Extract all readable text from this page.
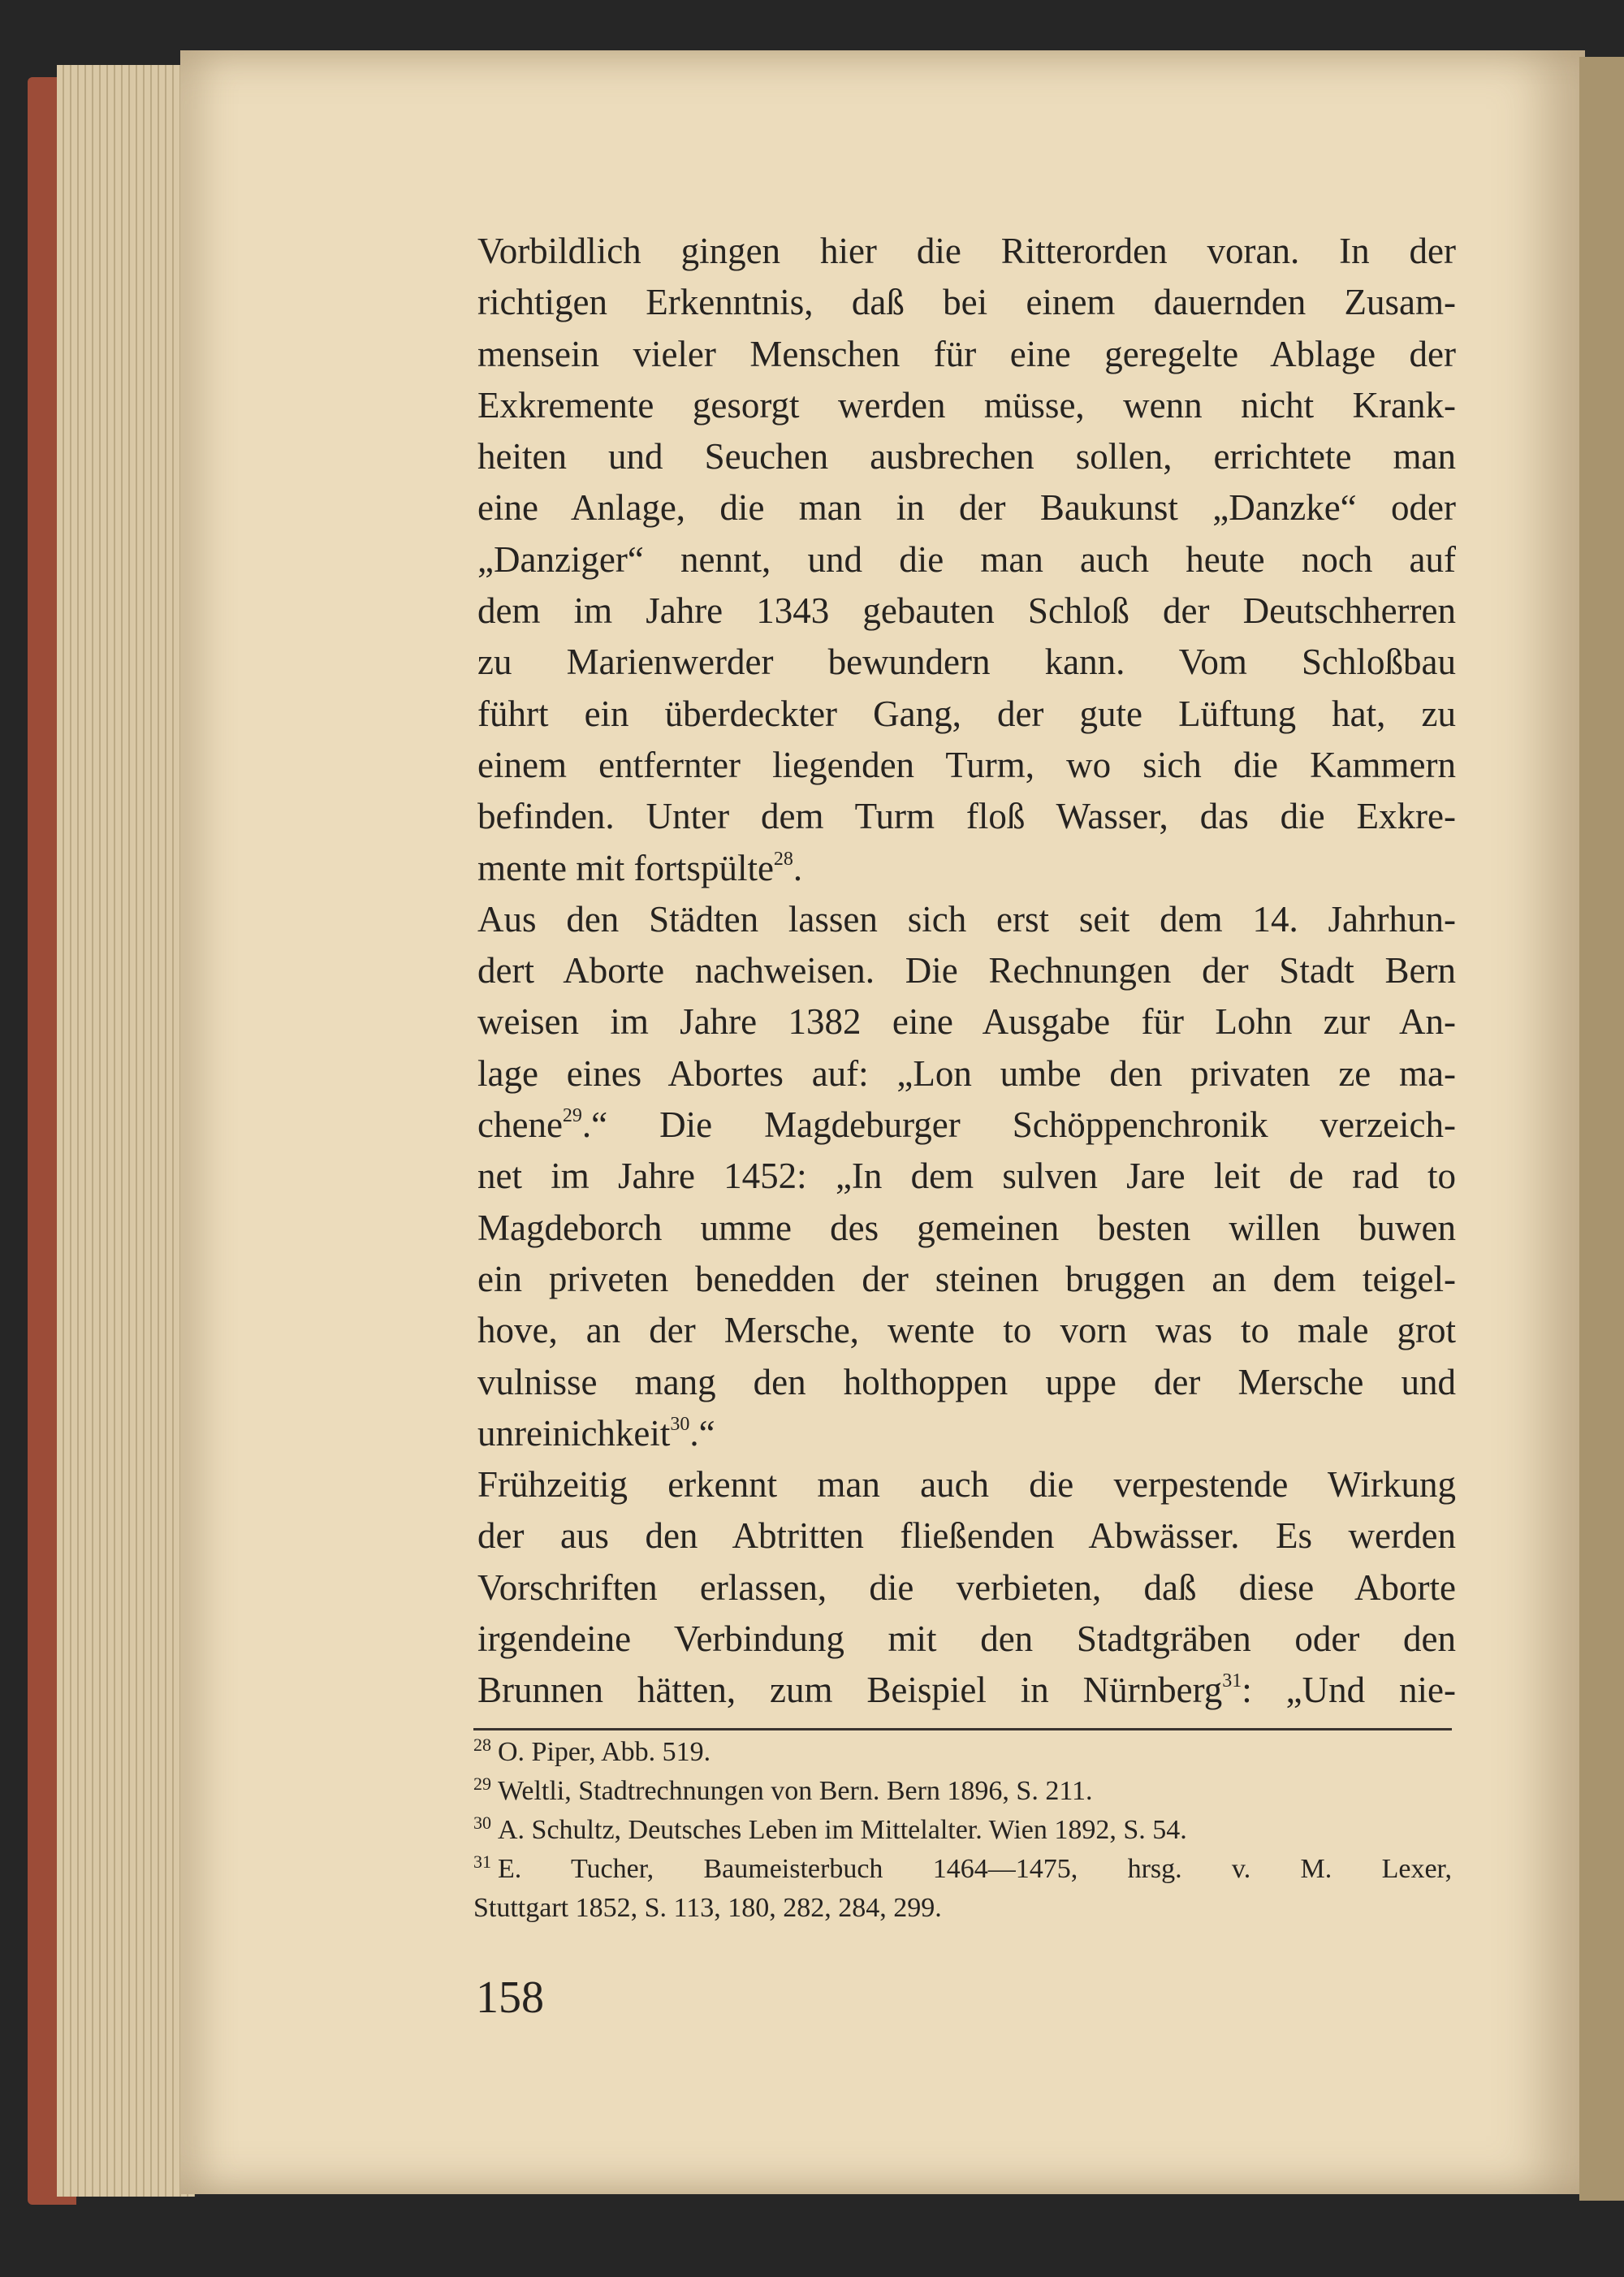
Vorbildlich gingen hier die Ritterorden voran. In der
richtigen Erkenntnis, daß bei einem dauernden Zusam-
mensein vieler Menschen für eine geregelte Ablage der
Exkremente gesorgt werden müsse, wenn nicht Krank-
heiten und Seuchen ausbrechen sollen, errichtete man
eine Anlage, die man in der Baukunst „Danzke“ oder
„Danziger“ nennt, und die man auch heute noch auf
dem im Jahre 1343 gebauten Schloß der Deutschherren
zu Marienwerder bewundern kann. Vom Schloßbau
führt ein überdeckter Gang, der gute Lüftung hat, zu
einem entfernter liegenden Turm, wo sich die Kammern
befinden. Unter dem Turm floß Wasser, das die Exkre-
mente mit fortspülte$^{28}$.
Aus den Städten lassen sich erst seit dem 14. Jahrhun-
dert Aborte nachweisen. Die Rechnungen der Stadt Bern
weisen im Jahre 1382 eine Ausgabe für Lohn zur An-
lage eines Abortes auf: „Lon umbe den privaten ze ma-
chene$^{29}$.“ Die Magdeburger Schöppenchronik verzeich-
net im Jahre 1452: „In dem sulven Jare leit de rad to
Magdeborch umme des gemeinen besten willen buwen
ein priveten benedden der steinen bruggen an dem teigel-
hove, an der Mersche, wente to vorn was to male grot
vulnisse mang den holthoppen uppe der Mersche und
unreinichkeit$^{30}$.“
Frühzeitig erkennt man auch die verpestende Wirkung
der aus den Abtritten fließenden Abwässer. Es werden
Vorschriften erlassen, die verbieten, daß diese Aborte
irgendeine Verbindung mit den Stadtgräben oder den
Brunnen hätten, zum Beispiel in Nürnberg$^{31}$: „Und nie-
$^{28}$ O. Piper, Abb. 519.
$^{29}$ Weltli, Stadtrechnungen von Bern. Bern 1896, S. 211.
$^{30}$ A. Schultz, Deutsches Leben im Mittelalter. Wien 1892, S. 54.
$^{31}$ E. Tucher, Baumeisterbuch 1464—1475, hrsg. v. M. Lexer,
Stuttgart 1852, S. 113, 180, 282, 284, 299.
158
